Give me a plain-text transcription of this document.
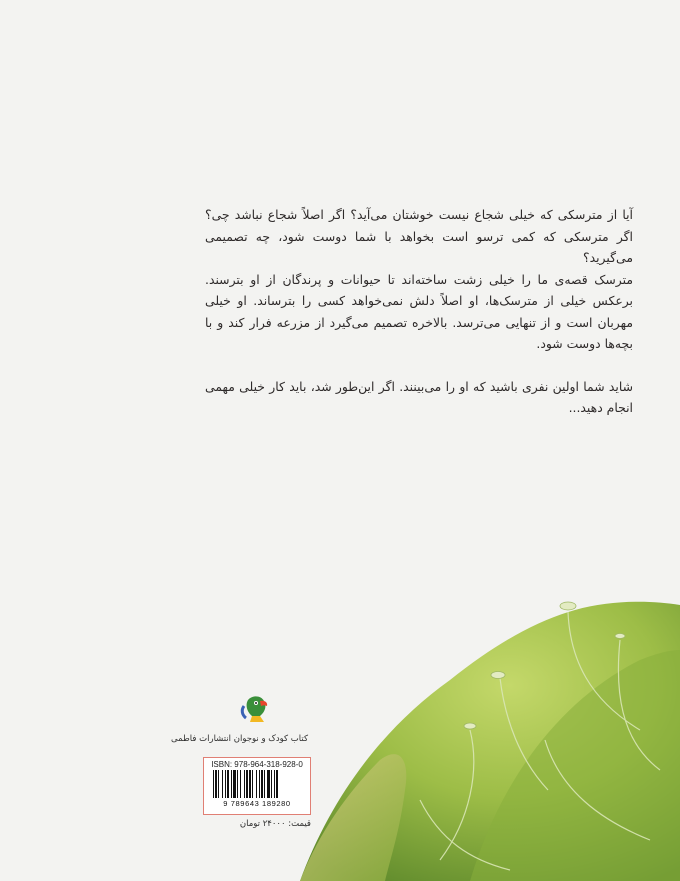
آیا از مترسکی که خیلی شجاع نیست خوشتان می‌آید؟ اگر اصلاً شجاع نباشد چی؟ اگر مترسکی که کمی ترسو است بخواهد با شما دوست شود، چه تصمیمی می‌گیرید؟

مترسک قصه‌ی ما را خیلی زشت ساخته‌اند تا حیوانات و پرندگان از او بترسند. برعکس خیلی از مترسک‌ها، او اصلاً دلش نمی‌خواهد کسی را بترساند. او خیلی مهربان است و از تنهایی می‌ترسد. بالاخره تصمیم می‌گیرد از مزرعه فرار کند و با بچه‌ها دوست شود.

شاید شما اولین نفری باشید که او را می‌بینند. اگر این‌طور شد، باید کار خیلی مهمی انجام دهید...

کتاب کودک و نوجوان انتشارات فاطمی
ISBN: 978-964-318-928-0
9 789643 189280
قیمت: ۲۴۰۰۰ تومان
